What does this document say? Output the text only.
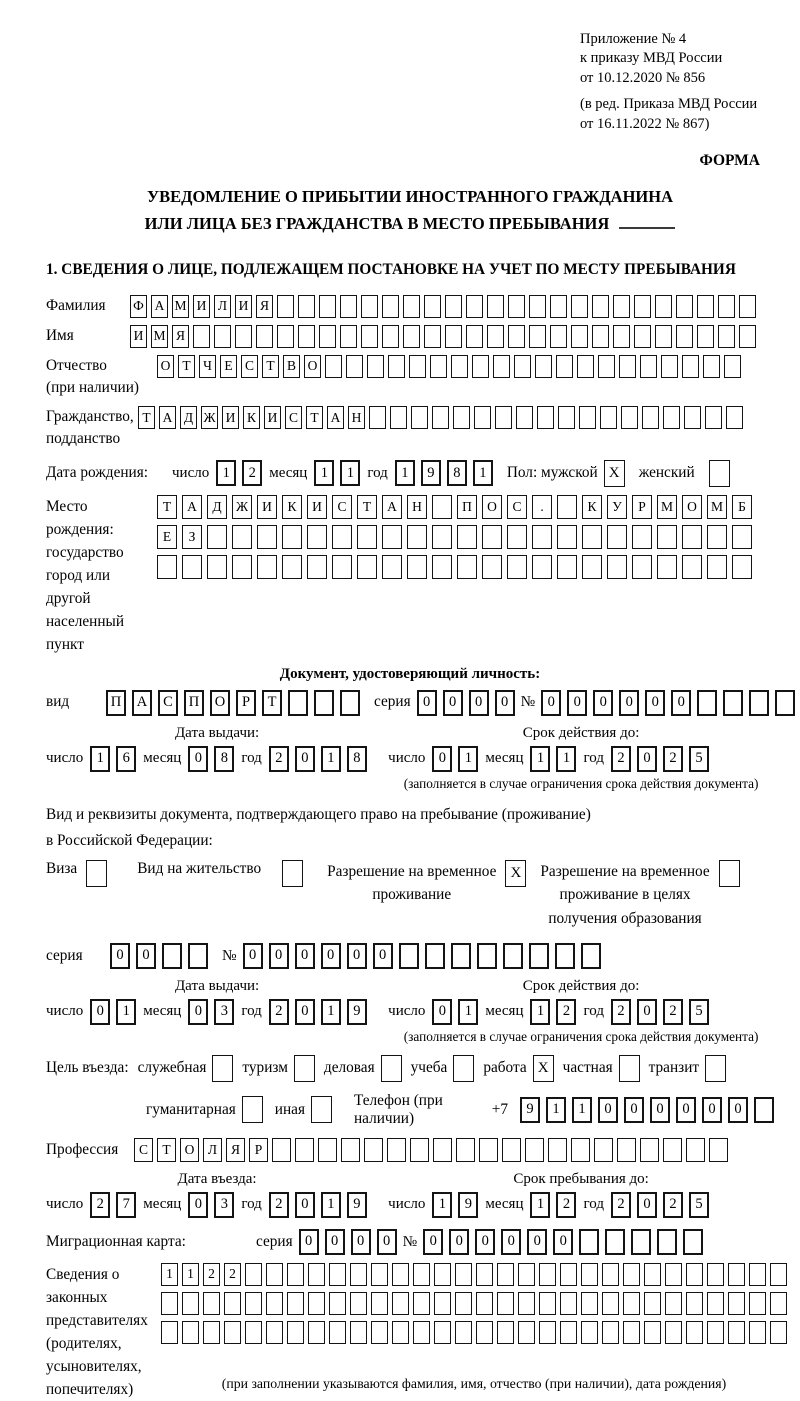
Приложение № 4
к приказу МВД России
от 10.12.2020 № 856
(в ред. Приказа МВД России
от 16.11.2022 № 867)
ФОРМА
УВЕДОМЛЕНИЕ О ПРИБЫТИИ ИНОСТРАННОГО ГРАЖДАНИНА
ИЛИ ЛИЦА БЕЗ ГРАЖДАНСТВА В МЕСТО ПРЕБЫВАНИЯ
1. СВЕДЕНИЯ О ЛИЦЕ, ПОДЛЕЖАЩЕМ ПОСТАНОВКЕ НА УЧЕТ ПО МЕСТУ ПРЕБЫВАНИЯ
Фамилия	Ф А М И Л И Я
Имя	И М Я
Отчество
(при наличии)
О Т Ч Е С Т В О
Гражданство,
подданство
Т А Д Ж И К И С Т А Н
Дата рождения:	число 1	2 месяц 1	1 год 1	9	8	1	Пол: мужской X	женский
Место рождения:
государство
город или другой
населенный пункт
Т	А	Д	Ж	И	К	И	С	Т	А	Н	П	О	С	.	К	У	Р	М	О	М	Б
Е	З
Документ, удостоверяющий личность:
вид	П	А	С	П	О	Р	Т	серия 0	0	0	0 № 0	0	0	0	0	0
Дата выдачи:
число 1	6 месяц 0	8 год 2	0	1	8
Срок действия до:
число 0	1 месяц 1	1 год 2	0	2	5
(заполняется в случае ограничения срока действия документа)
Вид и реквизиты документа, подтверждающего право на пребывание (проживание)
в Российской Федерации:
Виза	Вид на жительство	Разрешение на временное
проживание
X	Разрешение на временное
проживание в целях
получения образования
серия	0	0	№ 0	0	0	0	0	0
Дата выдачи:
число 0	1 месяц 0	3 год 2	0	1	9
Срок действия до:
число 0	1 месяц 1	2 год 2	0	2	5
(заполняется в случае ограничения срока действия документа)
Цель въезда: служебная туризм деловая учеба работа X частная транзит
гуманитарная	иная
Телефон (при наличии)
+7	9	1	1	0	0	0	0	0	0
Профессия	С	Т	О	Л	Я	Р
Дата въезда:
число 2	7 месяц 0	3 год 2	0	1	9
Срок пребывания до:
число 1	9 месяц 1	2 год 2	0	2	5
Миграционная карта:	серия 0	0	0	0 № 0	0	0	0	0	0
Сведения о
законных
представителях
(родителях,
усыновителях,
попечителях)
1	1	2	2
(при заполнении указываются фамилия, имя, отчество (при наличии), дата рождения)
